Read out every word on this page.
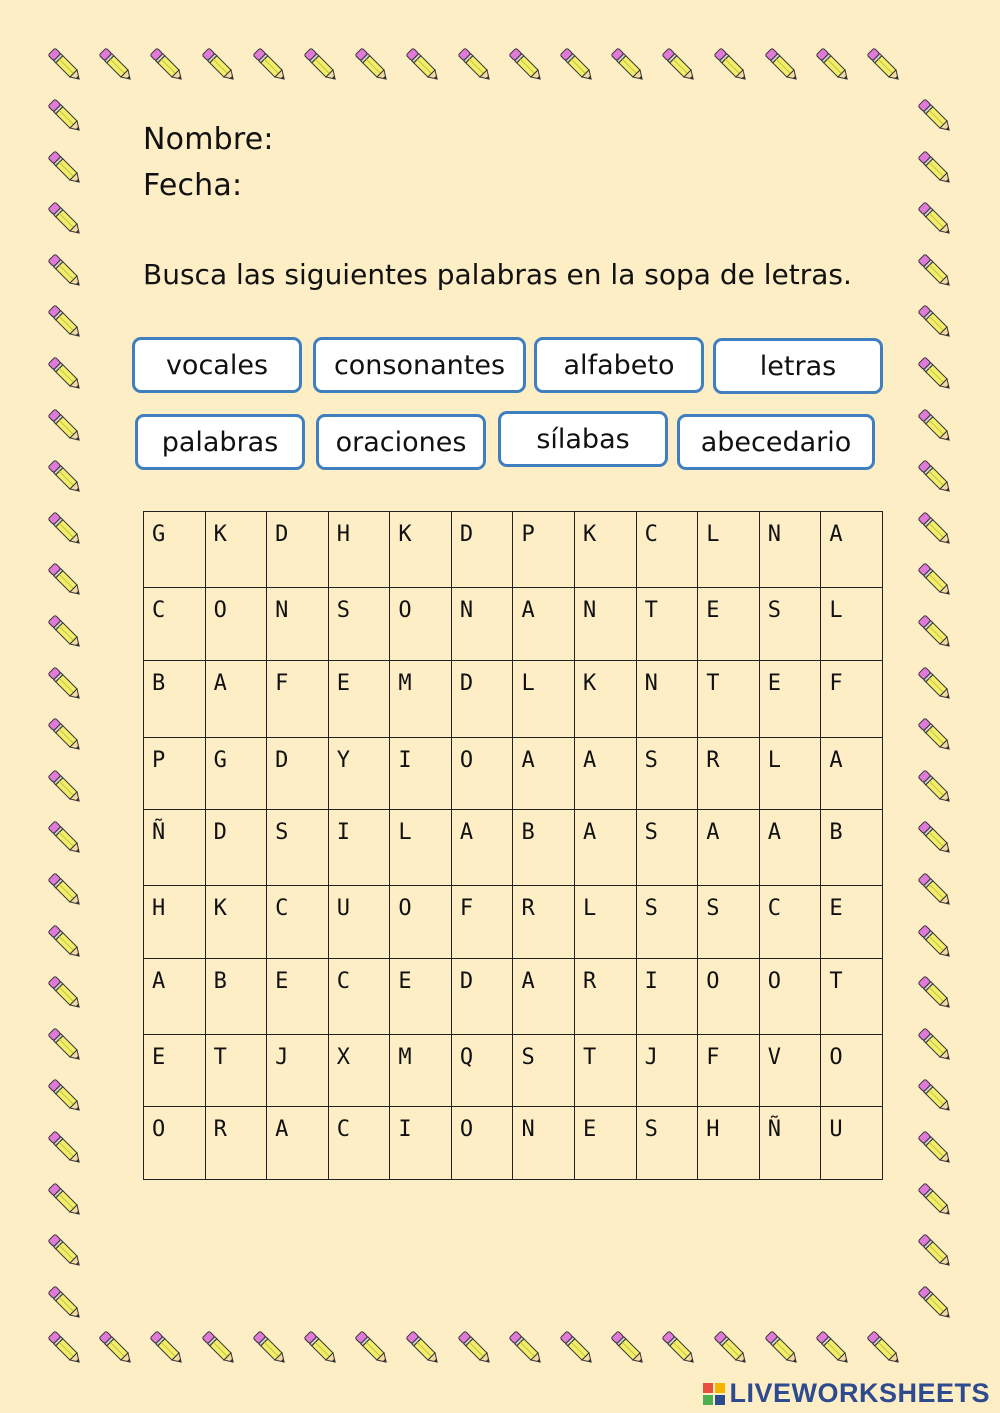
Nombre:
Fecha:
Busca las siguientes palabras en la sopa de letras.
vocales	consonantes	alfabeto	letras
palabras	oraciones	sílabas	abecedario
G	K	D	H	K	D	P	K	C	L	N	A
C	O	N	S	O	N	A	N	T	E	S	L
B	A	F	E	M	D	L	K	N	T	E	F
P	G	D	Y	I	O	A	A	S	R	L	A
Ñ	D	S	I	L	A	B	A	S	A	A	B
H	K	C	U	O	F	R	L	S	S	C	E
A	B	E	C	E	D	A	R	I	O	O	T
E	T	J	X	M	Q	S	T	J	F	V	O
O	R	A	C	I	O	N	E	S	H	Ñ	U
LIVEWORKSHEETS
